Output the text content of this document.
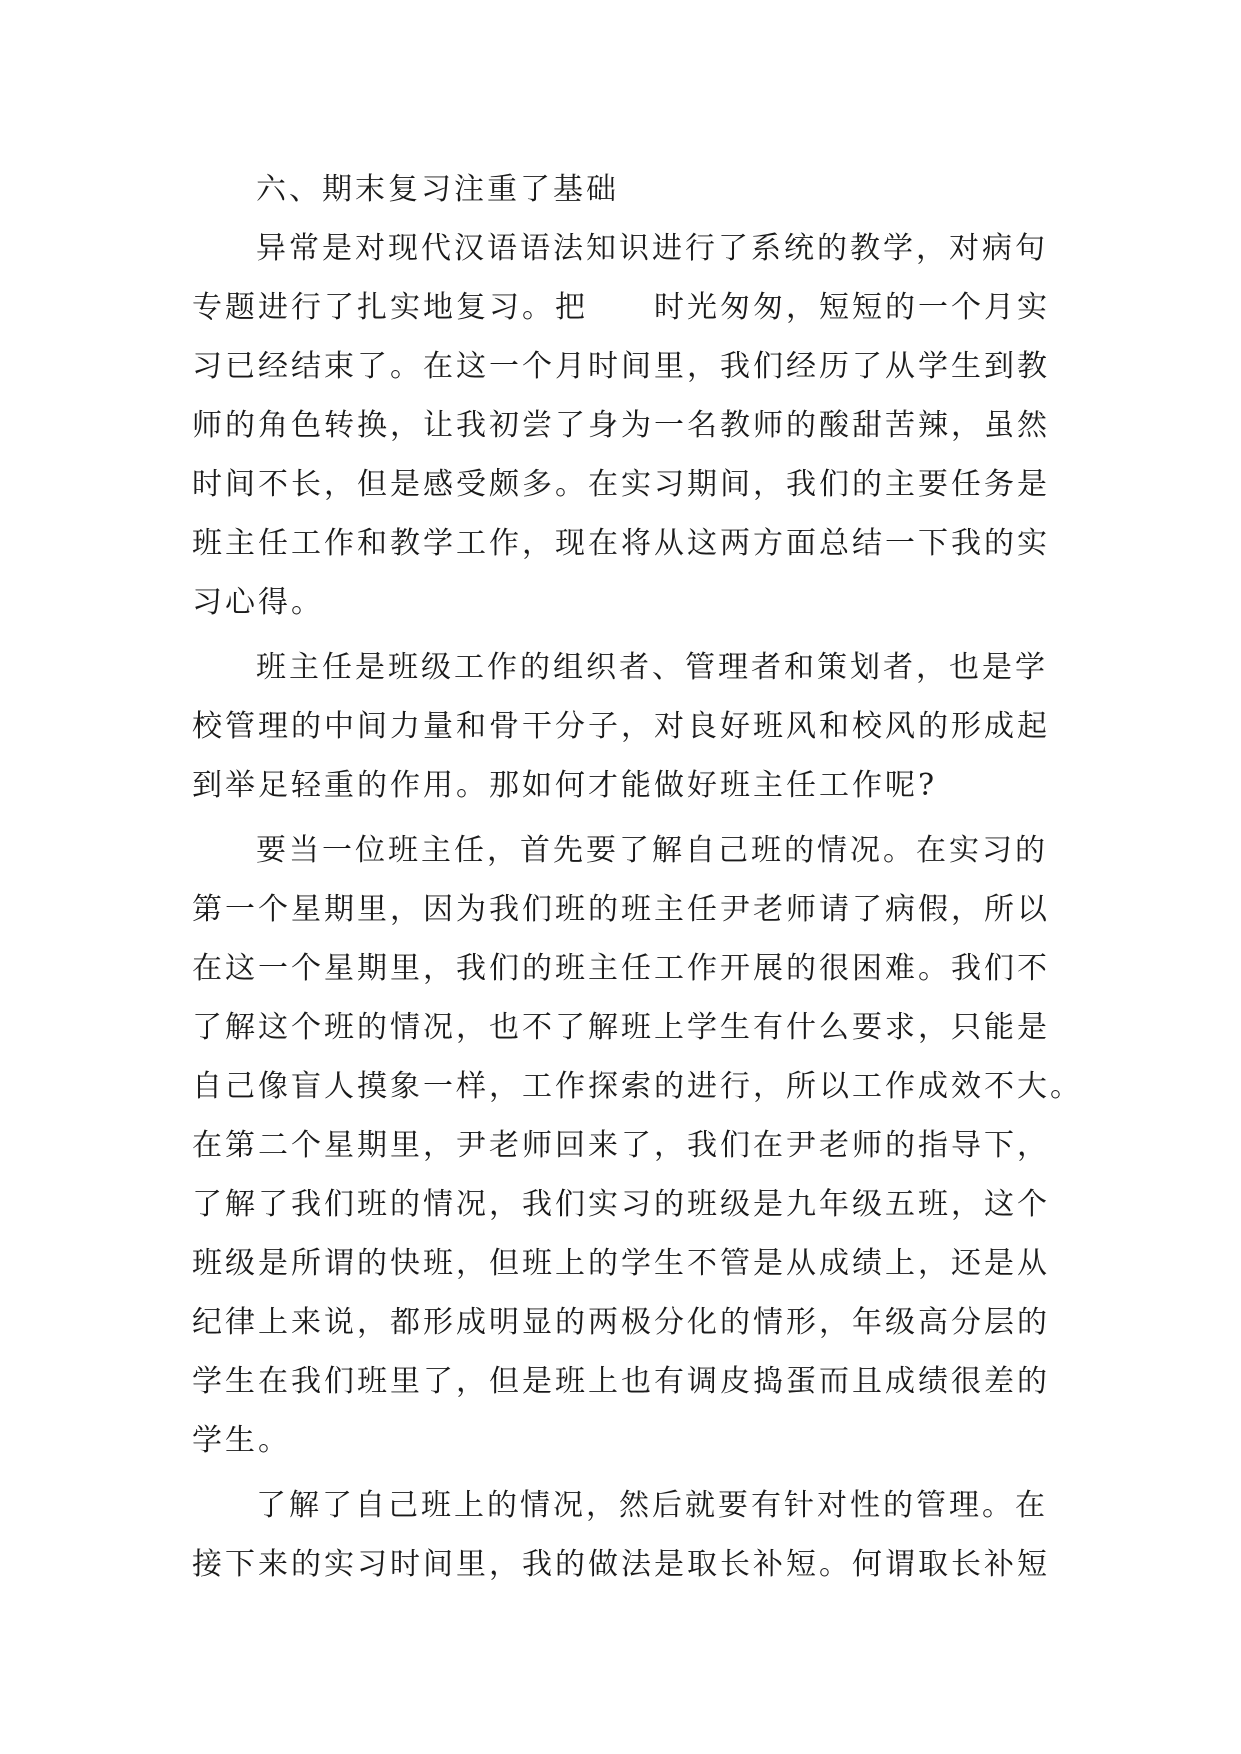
六、期末复习注重了基础
异常是对现代汉语语法知识进行了系统的教学，对病句
专题进行了扎实地复习。把　　时光匆匆，短短的一个月实
习已经结束了。在这一个月时间里，我们经历了从学生到教
师的角色转换，让我初尝了身为一名教师的酸甜苦辣，虽然
时间不长，但是感受颇多。在实习期间，我们的主要任务是
班主任工作和教学工作，现在将从这两方面总结一下我的实
习心得。
班主任是班级工作的组织者、管理者和策划者，也是学
校管理的中间力量和骨干分子，对良好班风和校风的形成起
到举足轻重的作用。那如何才能做好班主任工作呢?
要当一位班主任，首先要了解自己班的情况。在实习的
第一个星期里，因为我们班的班主任尹老师请了病假，所以
在这一个星期里，我们的班主任工作开展的很困难。我们不
了解这个班的情况，也不了解班上学生有什么要求，只能是
自己像盲人摸象一样，工作探索的进行，所以工作成效不大。
在第二个星期里，尹老师回来了，我们在尹老师的指导下，
了解了我们班的情况，我们实习的班级是九年级五班，这个
班级是所谓的快班，但班上的学生不管是从成绩上，还是从
纪律上来说，都形成明显的两极分化的情形，年级高分层的
学生在我们班里了，但是班上也有调皮捣蛋而且成绩很差的
学生。
了解了自己班上的情况，然后就要有针对性的管理。在
接下来的实习时间里，我的做法是取长补短。何谓取长补短
